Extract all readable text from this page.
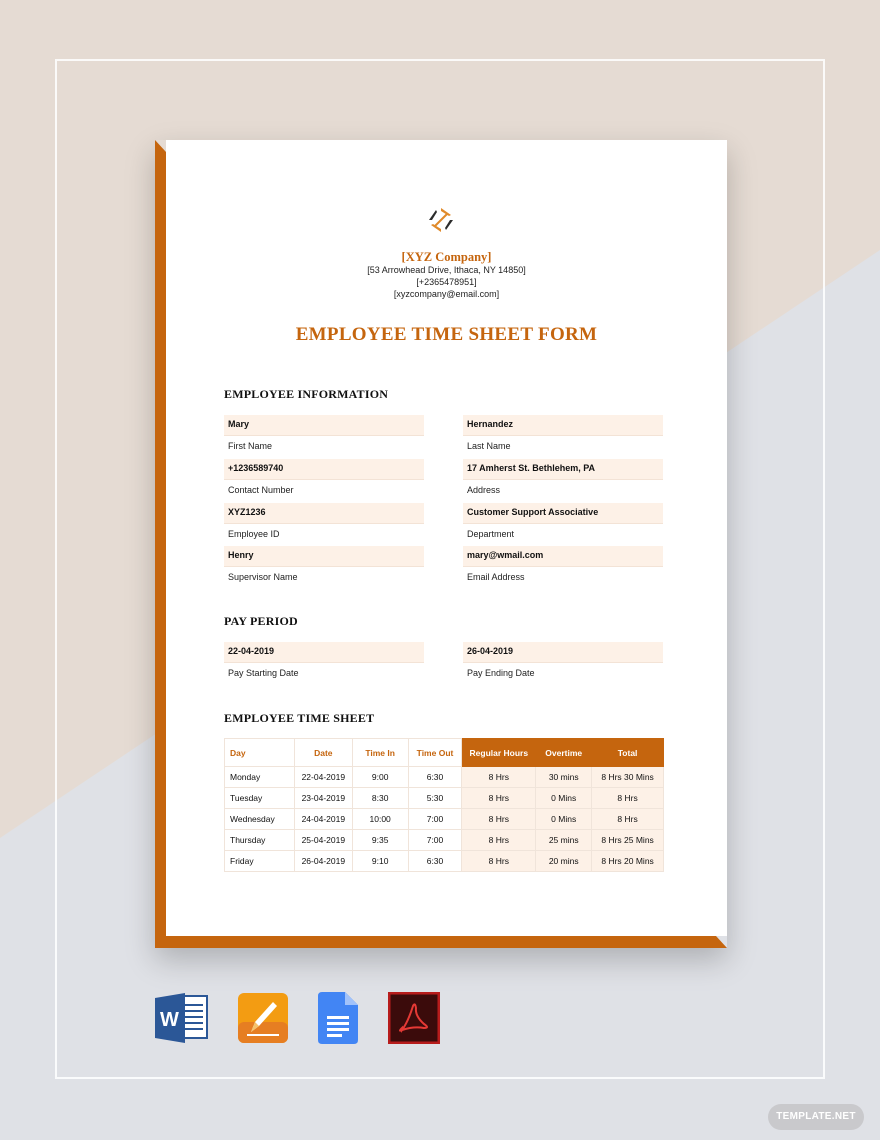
[XYZ Company]
[53 Arrowhead Drive, Ithaca, NY 14850]
[+2365478951]
[xyzcompany@email.com]
EMPLOYEE TIME SHEET FORM
EMPLOYEE INFORMATION
Mary
First Name
Hernandez
Last Name
+1236589740
Contact Number
17 Amherst St. Bethlehem, PA
Address
XYZ1236
Employee ID
Customer Support Associative
Department
Henry
Supervisor Name
mary@wmail.com
Email Address
PAY PERIOD
22-04-2019
Pay Starting Date
26-04-2019
Pay Ending Date
EMPLOYEE TIME SHEET
Day	Date	Time In	Time Out	Regular Hours	Overtime	Total
Monday	22-04-2019	9:00	6:30	8 Hrs	30 mins	8 Hrs 30 Mins
Tuesday	23-04-2019	8:30	5:30	8 Hrs	0 Mins	8 Hrs
Wednesday	24-04-2019	10:00	7:00	8 Hrs	0 Mins	8 Hrs
Thursday	25-04-2019	9:35	7:00	8 Hrs	25 mins	8 Hrs 25 Mins
Friday	26-04-2019	9:10	6:30	8 Hrs	20 mins	8 Hrs 20 Mins
W
TEMPLATE.NET
